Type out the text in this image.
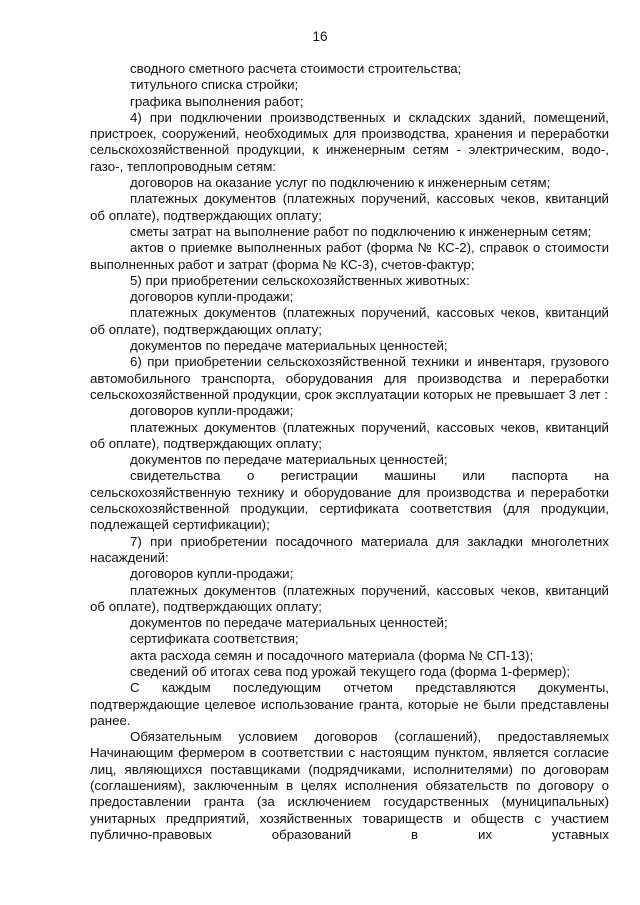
16

сводного сметного расчета стоимости строительства;

титульного списка стройки;

графика выполнения работ;

4) при подключении производственных и складских зданий, помещений, пристроек, сооружений, необходимых для производства, хранения и переработки сельскохозяйственной продукции, к инженерным сетям - электрическим, водо-, газо-, теплопроводным сетям:

договоров на оказание услуг по подключению к инженерным сетям;

платежных документов (платежных поручений, кассовых чеков, квитанций об оплате), подтверждающих оплату;

сметы затрат на выполнение работ по подключению к инженерным сетям;

актов о приемке выполненных работ (форма № КС-2), справок о стоимости выполненных работ и затрат (форма № КС-3), счетов-фактур;

5) при приобретении сельскохозяйственных животных:

договоров купли-продажи;

платежных документов (платежных поручений, кассовых чеков, квитанций об оплате), подтверждающих оплату;

документов по передаче материальных ценностей;

6) при приобретении сельскохозяйственной техники и инвентаря, грузового автомобильного транспорта, оборудования для производства и переработки сельскохозяйственной продукции, срок эксплуатации которых не превышает 3 лет :

договоров купли-продажи;

платежных документов (платежных поручений, кассовых чеков, квитанций об оплате), подтверждающих оплату;

документов по передаче материальных ценностей;

свидетельства о регистрации машины или паспорта на сельскохозяйственную технику и оборудование для производства и переработки сельскохозяйственной продукции, сертификата соответствия (для продукции, подлежащей сертификации);

7) при приобретении посадочного материала для закладки многолетних насаждений:

договоров купли-продажи;

платежных документов (платежных поручений, кассовых чеков, квитанций об оплате), подтверждающих оплату;

документов по передаче материальных ценностей;

сертификата соответствия;

акта расхода семян и посадочного материала (форма № СП-13);

сведений об итогах сева под урожай текущего года (форма 1-фермер);

С каждым последующим отчетом представляются документы, подтверждающие целевое использование гранта, которые не были представлены ранее.

Обязательным условием договоров (соглашений), предоставляемых Начинающим фермером в соответствии с настоящим пунктом, является согласие лиц, являющихся поставщиками (подрядчиками, исполнителями) по договорам (соглашениям), заключенным в целях исполнения обязательств по договору о предоставлении гранта (за исключением государственных (муниципальных) унитарных предприятий, хозяйственных товариществ и обществ с участием публично-правовых образований в их уставных
